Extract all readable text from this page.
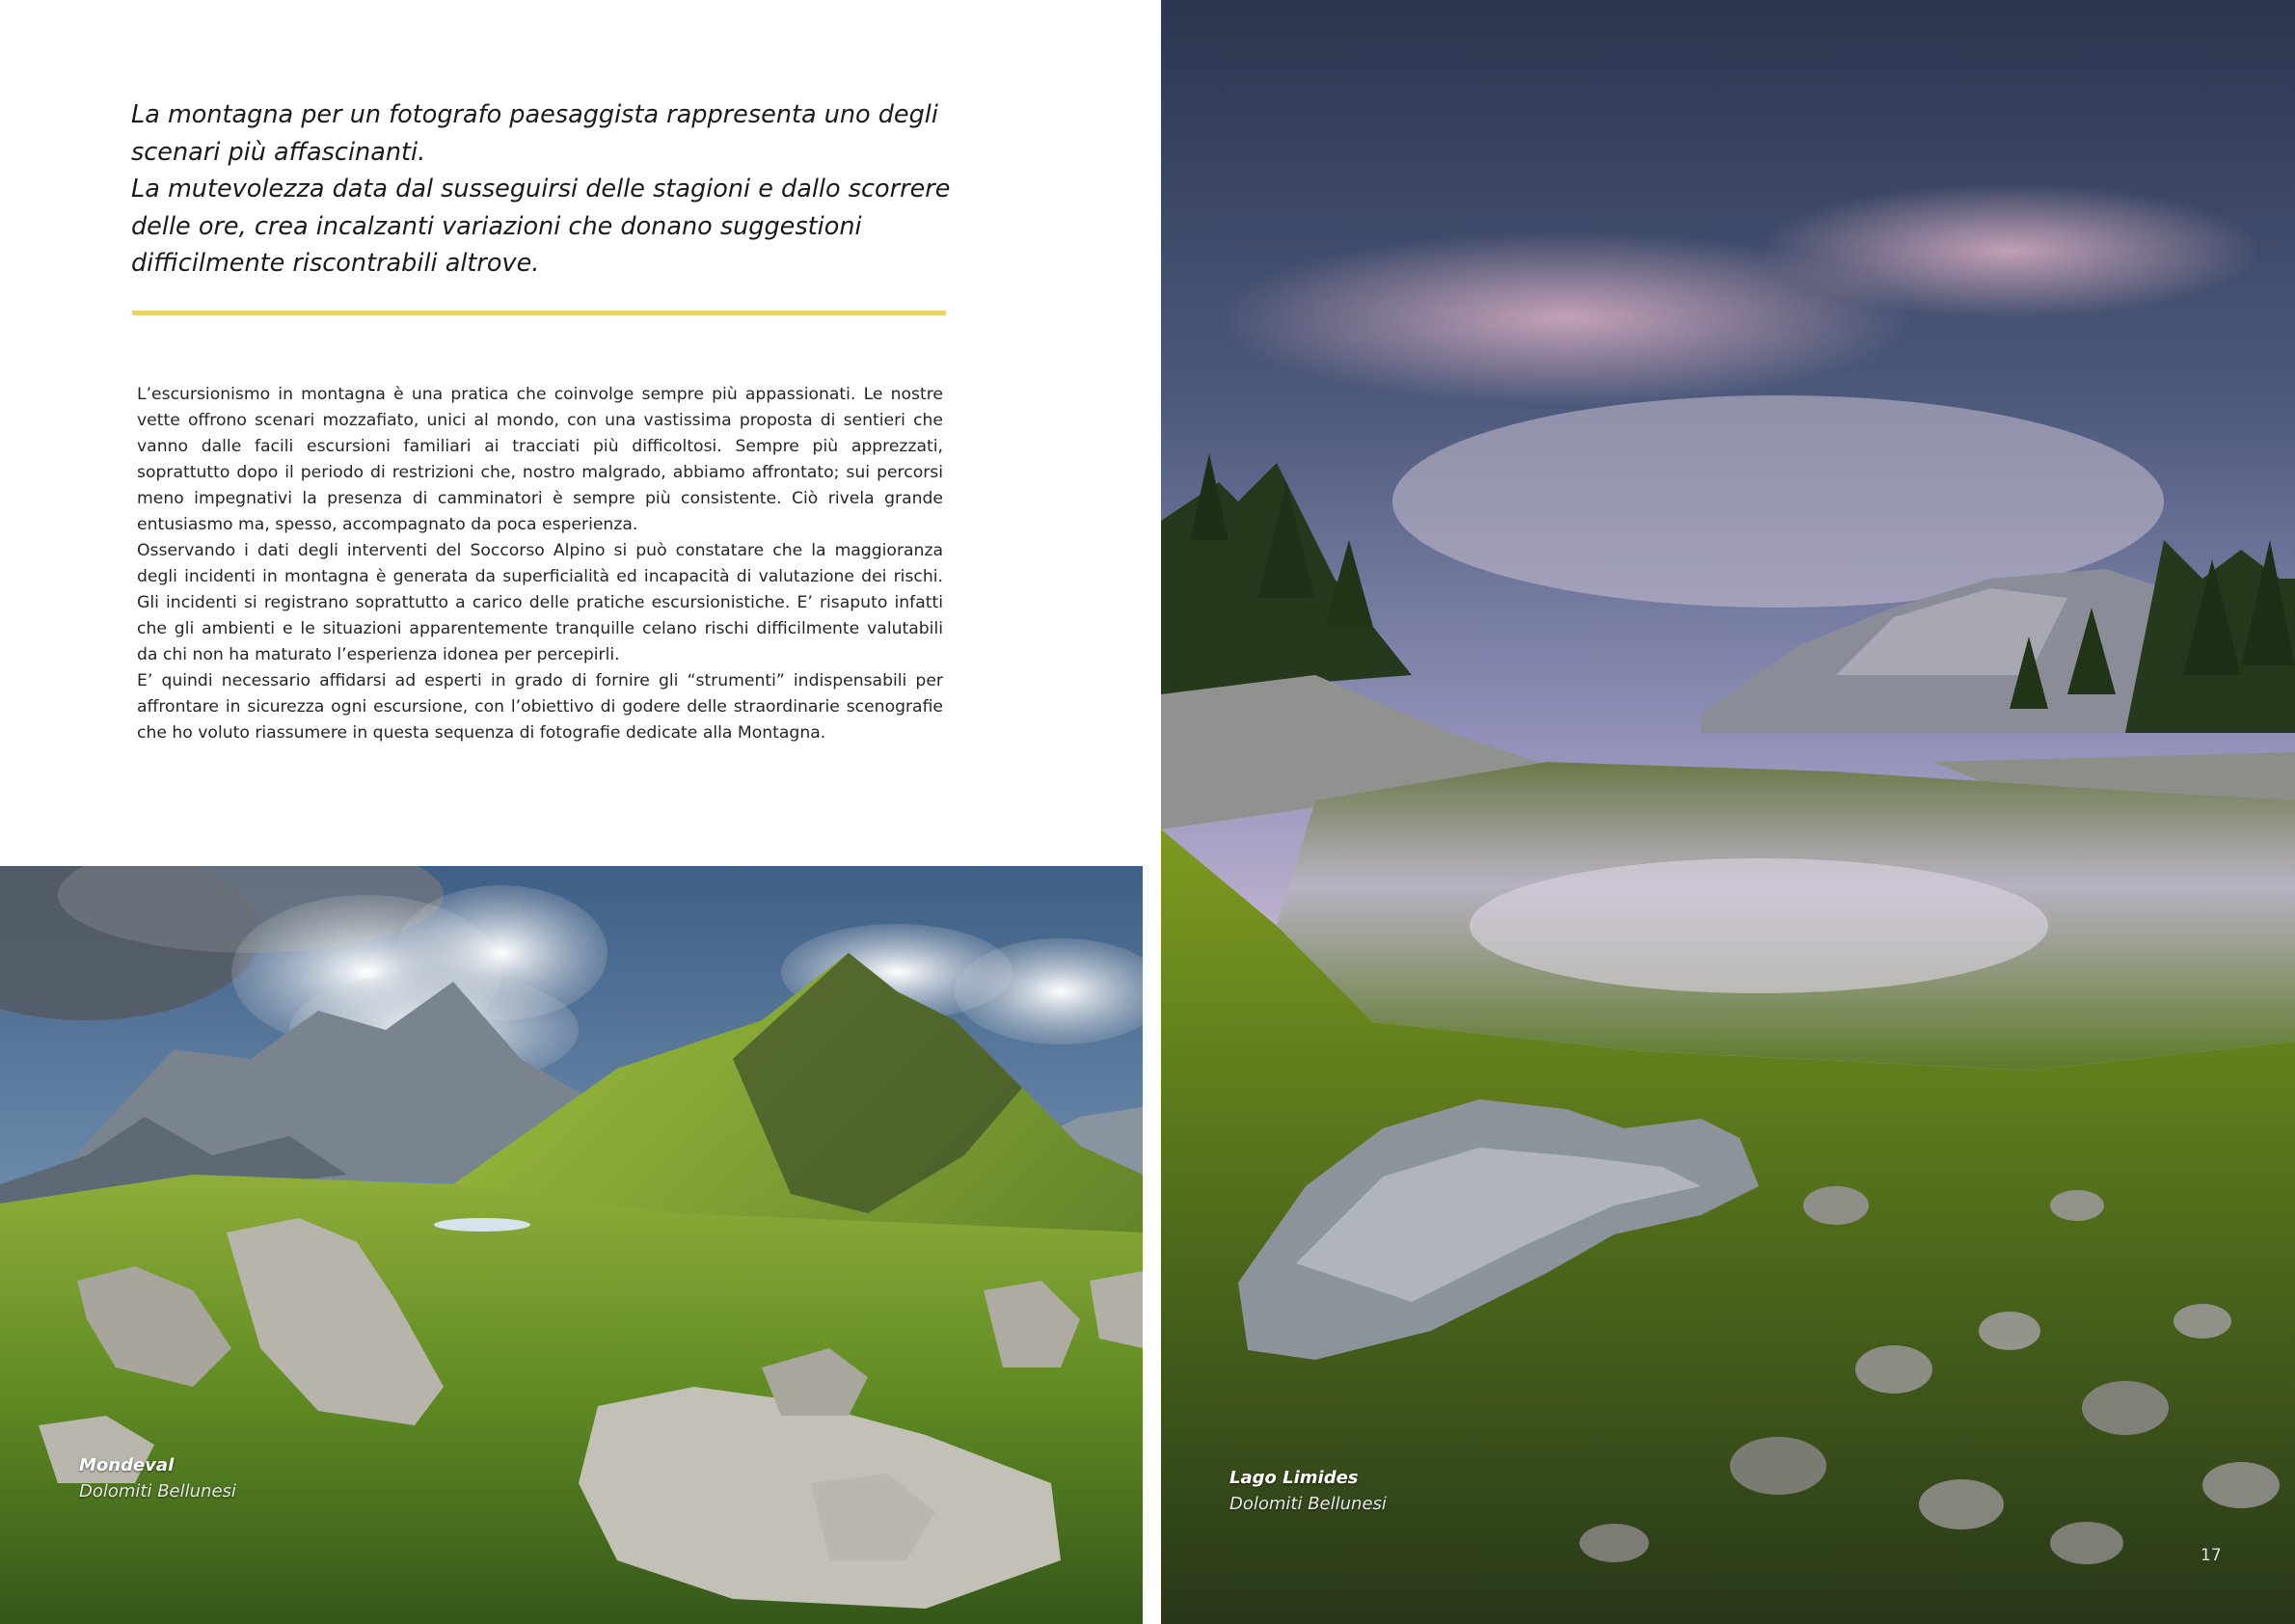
La montagna per un fotografo paesaggista rappresenta uno degli
scenari più affascinanti.

La mutevolezza data dal susseguirsi delle stagioni e dallo scorrere
delle ore, crea incalzanti variazioni che donano suggestioni
difficilmente riscontrabili altrove.

L’escursionismo in montagna è una pratica che coinvolge sempre più appassionati. Le nostre vette offrono scenari mozzafiato, unici al mondo, con una vastissima proposta di sentieri che vanno dalle facili escursioni familiari ai tracciati più difficoltosi. Sempre più apprezzati, soprattutto dopo il periodo di restrizioni che, nostro malgrado, abbiamo affrontato; sui percorsi meno impegnativi la presenza di camminatori è sempre più consistente. Ciò rivela grande entusiasmo ma, spesso, accompagnato da poca esperienza.

Osservando i dati degli interventi del Soccorso Alpino si può constatare che la maggioranza degli incidenti in montagna è generata da superficialità ed incapacità di valutazione dei rischi. Gli incidenti si registrano soprattutto a carico delle pratiche escursionistiche. E’ risaputo infatti che gli ambienti e le situazioni apparentemente tranquille celano rischi difficilmente valutabili da chi non ha maturato l’esperienza idonea per percepirli.

E’ quindi necessario affidarsi ad esperti in grado di fornire gli “strumenti” indispensabili per affrontare in sicurezza ogni escursione, con l’obiettivo di godere delle straordinarie scenografie che ho voluto riassumere in questa sequenza di fotografie dedicate alla Montagna.

Mondeval
Dolomiti Bellunesi
Lago Limides
Dolomiti Bellunesi
17
